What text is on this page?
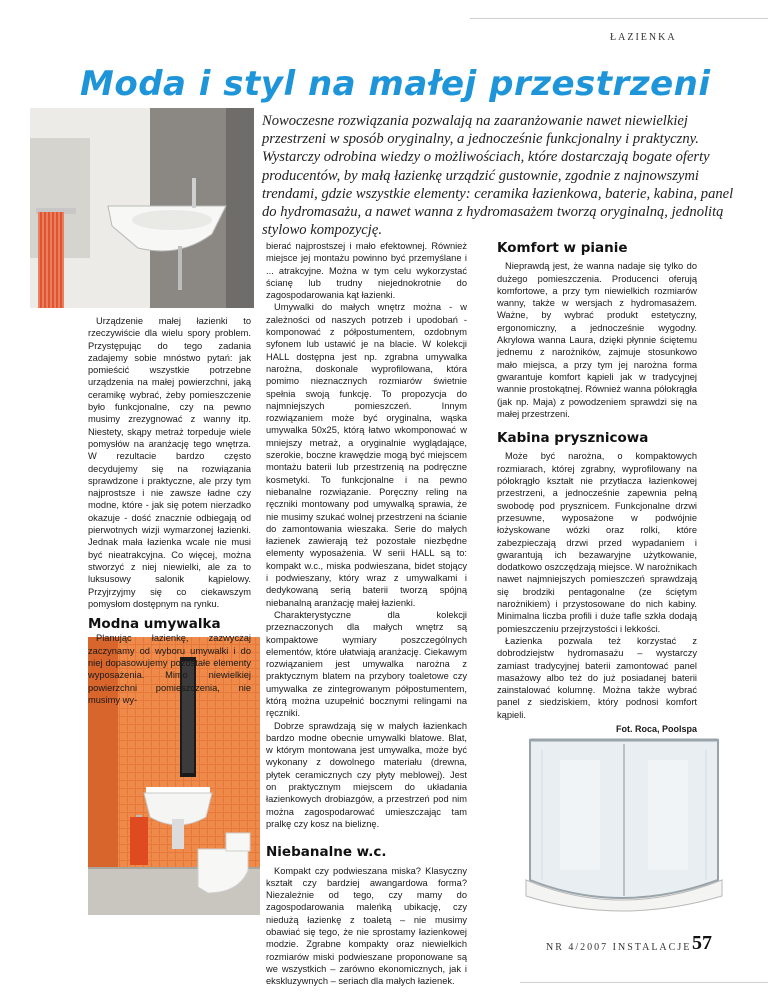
ŁAZIENKA
Moda i styl na małej przestrzeni
Nowoczesne rozwiązania pozwalają na zaaranżowanie nawet niewielkiej przestrzeni w sposób oryginalny, a jednocześnie funkcjonalny i praktyczny. Wystarczy odrobina wiedzy o możliwościach, które dostarczają bogate oferty producentów, by małą łazienkę urządzić gustownie, zgodnie z najnowszymi trendami, gdzie wszystkie elementy: ceramika łazienkowa, baterie, kabina, panel do hydromasażu, a nawet wanna z hydromasażem tworzą oryginalną, jednolitą stylowo kompozycję.

Urządzenie małej łazienki to rzeczywiście dla wielu spory problem. Przystępując do tego zadania zadajemy sobie mnóstwo pytań: jak pomieścić wszystkie potrzebne urządzenia na małej powierzchni, jaką ceramikę wybrać, żeby pomieszczenie było funkcjonalne, czy na pewno musimy zrezygnować z wanny itp. Niestety, skąpy metraż torpeduje wiele pomysłów na aranżację tego wnętrza. W rezultacie bardzo często decydujemy się na rozwiązania sprawdzone i praktyczne, ale przy tym najprostsze i nie zawsze ładne czy modne, które - jak się potem nierzadko okazuje - dość znacznie odbiegają od pierwotnych wizji wymarzonej łazienki. Jednak mała łazienka wcale nie musi być nieatrakcyjna. Co więcej, można stworzyć z niej niewielki, ale za to luksusowy salonik kąpielowy. Przyjrzyjmy się co ciekawszym pomysłom dostępnym na rynku.

Modna umywalka

Planując łazienkę, zazwyczaj zaczynamy od wyboru umywalki i do niej dopasowujemy pozostałe elementy wyposażenia. Mimo niewielkiej powierzchni pomieszczenia, nie musimy wy-

bierać najprostszej i mało efektownej. Również miejsce jej montażu powinno być przemyślane i ... atrakcyjne. Można w tym celu wykorzystać ścianę lub trudny niejednokrotnie do zagospodarowania kąt łazienki.

Umywalki do małych wnętrz można - w zależności od naszych potrzeb i upodobań - komponować z półpostumentem, ozdobnym syfonem lub ustawić je na blacie. W kolekcji HALL dostępna jest np. zgrabna umywalka narożna, doskonale wyprofilowana, która pomimo nieznacznych rozmiarów świetnie spełnia swoją funkcję. To propozycja do najmniejszych pomieszczeń. Innym rozwiązaniem może być oryginalna, wąska umywalka 50x25, którą łatwo wkomponować w mniejszy metraż, a oryginalnie wyglądające, szerokie, boczne krawędzie mogą być miejscem montażu baterii lub przestrzenią na podręczne kosmetyki. To funkcjonalne i na pewno niebanalne rozwiązanie. Poręczny reling na ręczniki montowany pod umywalką sprawia, że nie musimy szukać wolnej przestrzeni na ścianie do zamontowania wieszaka. Serie do małych łazienek zawierają też pozostałe niezbędne elementy wyposażenia. W serii HALL są to: kompakt w.c., miska podwieszana, bidet stojący i podwieszany, który wraz z umywalkami i dedykowaną serią baterii tworzą spójną niebanalną aranżację małej łazienki.

Charakterystyczne dla kolekcji przeznaczonych dla małych wnętrz są kompaktowe wymiary poszczególnych elementów, które ułatwiają aranżację. Ciekawym rozwiązaniem jest umywalka narożna z praktycznym blatem na przybory toaletowe czy umywalka ze zintegrowanym półpostumentem, którą można uzupełnić bocznymi relingami na ręczniki.

Dobrze sprawdzają się w małych łazienkach bardzo modne obecnie umywalki blatowe. Blat, w którym montowana jest umywalka, może być wykonany z dowolnego materiału (drewna, płytek ceramicznych czy płyty meblowej). Jest on praktycznym miejscem do układania łazienkowych drobiazgów, a przestrzeń pod nim można zagospodarować umieszczając tam pralkę czy kosz na bieliznę.

Niebanalne w.c.

Kompakt czy podwieszana miska? Klasyczny kształt czy bardziej awangardowa forma? Niezależnie od tego, czy mamy do zagospodarowania maleńką ubikację, czy niedużą łazienkę z toaletą – nie musimy obawiać się tego, że nie sprostamy łazienkowej modzie. Zgrabne kompakty oraz niewielkich rozmiarów miski podwieszane proponowane są we wszystkich – zarówno ekonomicznych, jak i ekskluzywnych – seriach dla małych łazienek.

Komfort w pianie

Nieprawdą jest, że wanna nadaje się tylko do dużego pomieszczenia. Producenci oferują komfortowe, a przy tym niewielkich rozmiarów wanny, także w wersjach z hydromasażem. Ważne, by wybrać produkt estetyczny, ergonomiczny, a jednocześnie wygodny. Akrylowa wanna Laura, dzięki płynnie ściętemu jednemu z narożników, zajmuje stosunkowo mało miejsca, a przy tym jej narożna forma gwarantuje komfort kąpieli jak w tradycyjnej wannie prostokątnej. Również wanna półokrągła (jak np. Maja) z powodzeniem sprawdzi się na małej przestrzeni.

Kabina prysznicowa

Może być narożna, o kompaktowych rozmiarach, której zgrabny, wyprofilowany na półokrągło kształt nie przytłacza łazienkowej przestrzeni, a jednocześnie zapewnia pełną swobodę pod prysznicem. Funkcjonalne drzwi przesuwne, wyposażone w podwójnie łożyskowane wózki oraz rolki, które zabezpieczają drzwi przed wypadaniem i gwarantują ich bezawaryjne użytkowanie, dodatkowo oszczędzają miejsce. W narożnikach nawet najmniejszych pomieszczeń sprawdzają się brodziki pentagonalne (ze ściętym narożnikiem) i przystosowane do nich kabiny. Minimalna liczba profili i duże tafle szkła dodają pomieszczeniu przejrzystości i lekkości.

Łazienka pozwala też korzystać z dobrodziejstw hydromasażu – wystarczy zamiast tradycyjnej baterii zamontować panel masażowy albo też do już posiadanej baterii zainstalować kolumnę. Można także wybrać panel z siedziskiem, który podnosi komfort kąpieli.

Fot. Roca, Poolspa
NR 4/2007 INSTALACJE 57
